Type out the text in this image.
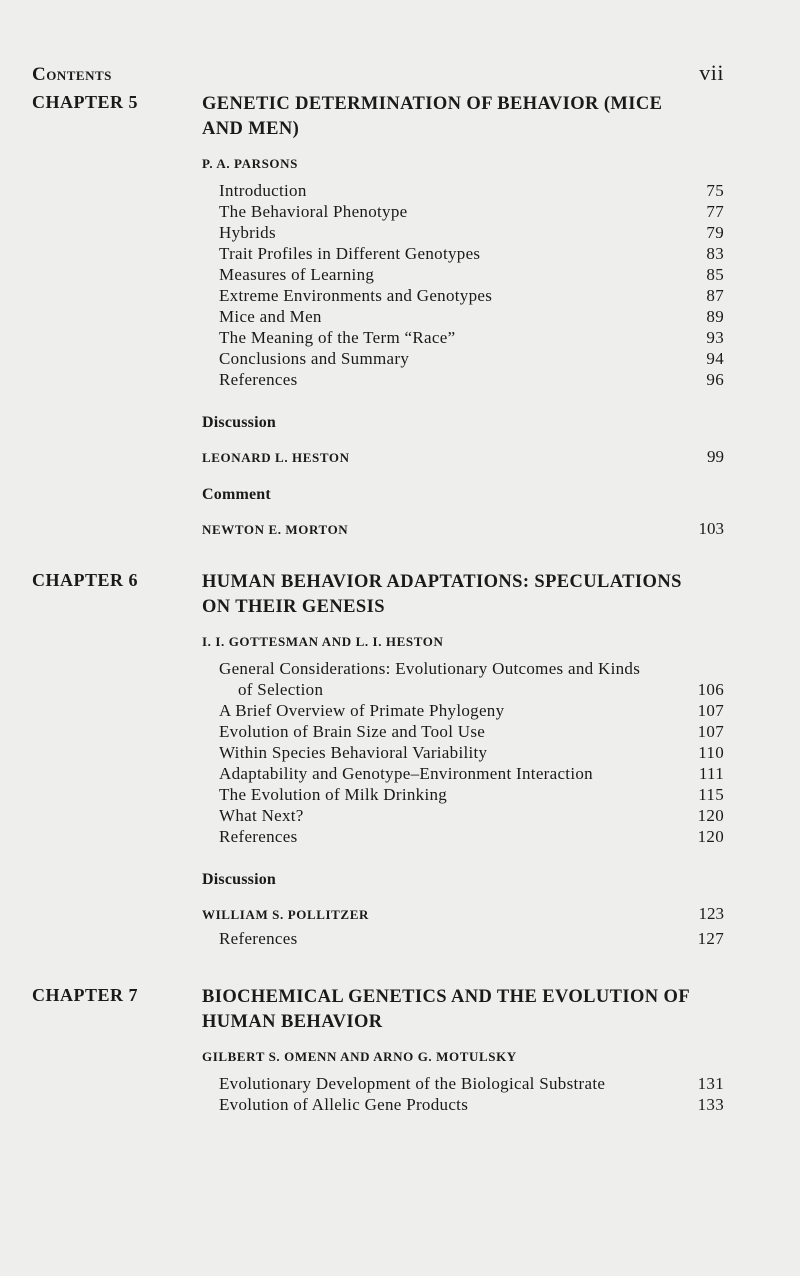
Contents	vii
CHAPTER 5	GENETIC DETERMINATION OF BEHAVIOR (MICE AND MEN)
P. A. PARSONS
Introduction	75
The Behavioral Phenotype	77
Hybrids	79
Trait Profiles in Different Genotypes	83
Measures of Learning	85
Extreme Environments and Genotypes	87
Mice and Men	89
The Meaning of the Term “Race”	93
Conclusions and Summary	94
References	96
Discussion
LEONARD L. HESTON	99
Comment
NEWTON E. MORTON	103
CHAPTER 6	HUMAN BEHAVIOR ADAPTATIONS: SPECULATIONS ON THEIR GENESIS
I. I. GOTTESMAN AND L. I. HESTON
General Considerations: Evolutionary Outcomes and Kinds
of Selection	106
A Brief Overview of Primate Phylogeny	107
Evolution of Brain Size and Tool Use	107
Within Species Behavioral Variability	110
Adaptability and Genotype–Environment Interaction	111
The Evolution of Milk Drinking	115
What Next?	120
References	120
Discussion
WILLIAM S. POLLITZER	123
References	127
CHAPTER 7	BIOCHEMICAL GENETICS AND THE EVOLUTION OF HUMAN BEHAVIOR
GILBERT S. OMENN AND ARNO G. MOTULSKY
Evolutionary Development of the Biological Substrate	131
Evolution of Allelic Gene Products	133
